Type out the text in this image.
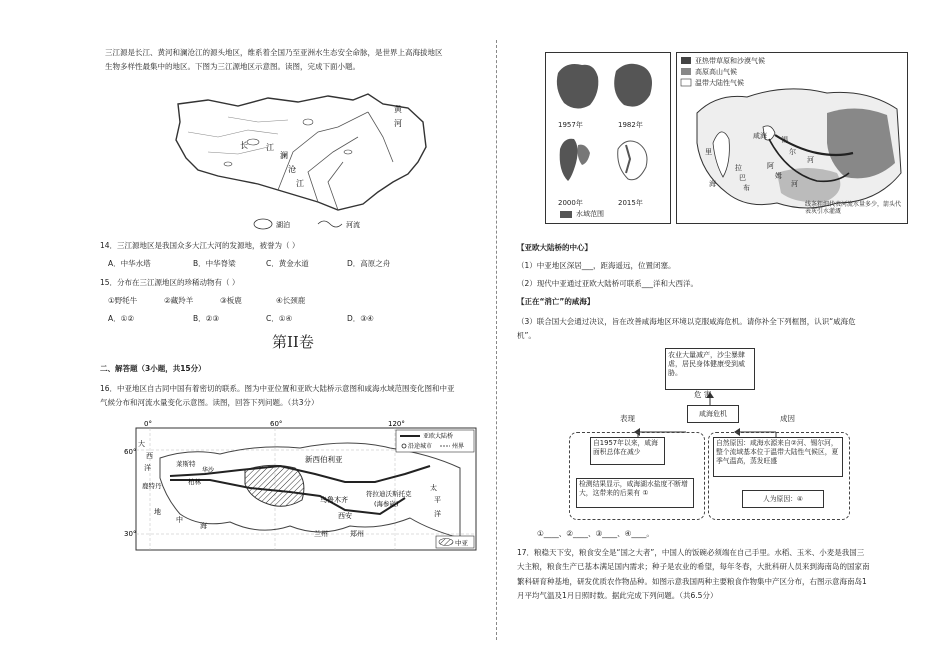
三江源是长江、黄河和澜沧江的源头地区，维系着全国乃至亚洲水生态安全命脉，是世界上高海拔地区
生物多样性最集中的地区。下图为三江源地区示意图。读图，完成下面小题。
黄
河
长 江
澜
沧
江
湖泊	河流
14．三江源地区是我国众多大江大河的发源地，被誉为（ ）
A．中华水塔	B．中华脊梁	C．黄金水道	D．高原之舟
15．分布在三江源地区的珍稀动物有（ ）
①野牦牛	②藏羚羊	③板鹿	④长颈鹿
A．①②	B．②③	C．①④	D．③④
第II卷
二、解答题（3小题，共15分）
16．中亚地区自古同中国有着密切的联系。图为中亚位置和亚欧大陆桥示意图和咸海水域范围变化图和中亚
气候分布和河流水量变化示意图。读图，回答下列问题。（共3分）
0°	60°	120°
60°
30°
大
西
洋	莱斯特
鹿特丹	柏林
华沙
新西伯利亚
乌鲁木齐
符拉迪沃斯托克
(海参崴)
西安
兰州	郑州
太
平
洋
地
中
海
亚欧大陆桥
沿途城市	州界
中亚
1957年	1982年
2000年	2015年
水域范围
亚热带草原和沙漠气候
高原高山气候
温带大陆性气候
咸海 锡
尔
河
阿
姆
河
里
海
拉
巴
布
线条粗细代表河流水量多少，箭头代表灰引水灌溉
【亚欧大陆桥的中心】
（1）中亚地区深居___，距海遥远，位置闭塞。
（2）现代中亚通过亚欧大陆桥可联系___洋和大西洋。
【正在“消亡”的咸海】
（3）联合国大会通过决议，旨在改善咸海地区环境以克服咸海危机。请你补全下列框图，认识“咸海危
机”。
农业大量减产，沙尘暴肆虐，居民身体健康受到威胁。
危 害
咸海危机
表现	成因
自1957年以来，咸海面积总体在减少
检测结果显示，咸海湖水盐度不断增大，这带来的后果有 ①
自然原因：咸海水源来自②河、锡尔河，整个流域基本位于温带大陆性气候区，夏季气温高，蒸发旺盛
人为原因：④
①____、②____、③____、④____。
17．粮稳天下安，粮食安全是“国之大者”，中国人的饭碗必须端在自己手里。水稻、玉米、小麦是我国三
大主粮，粮食生产已基本满足国内需求；种子是农业的希望，每年冬春，大批科研人员来到海南岛的国家南
繁科研育种基地，研发优质农作物品种。如图示意我国两种主要粮食作物集中产区分布，右图示意海南岛1
月平均气温及1月日照时数。据此完成下列问题。（共6.5分）
